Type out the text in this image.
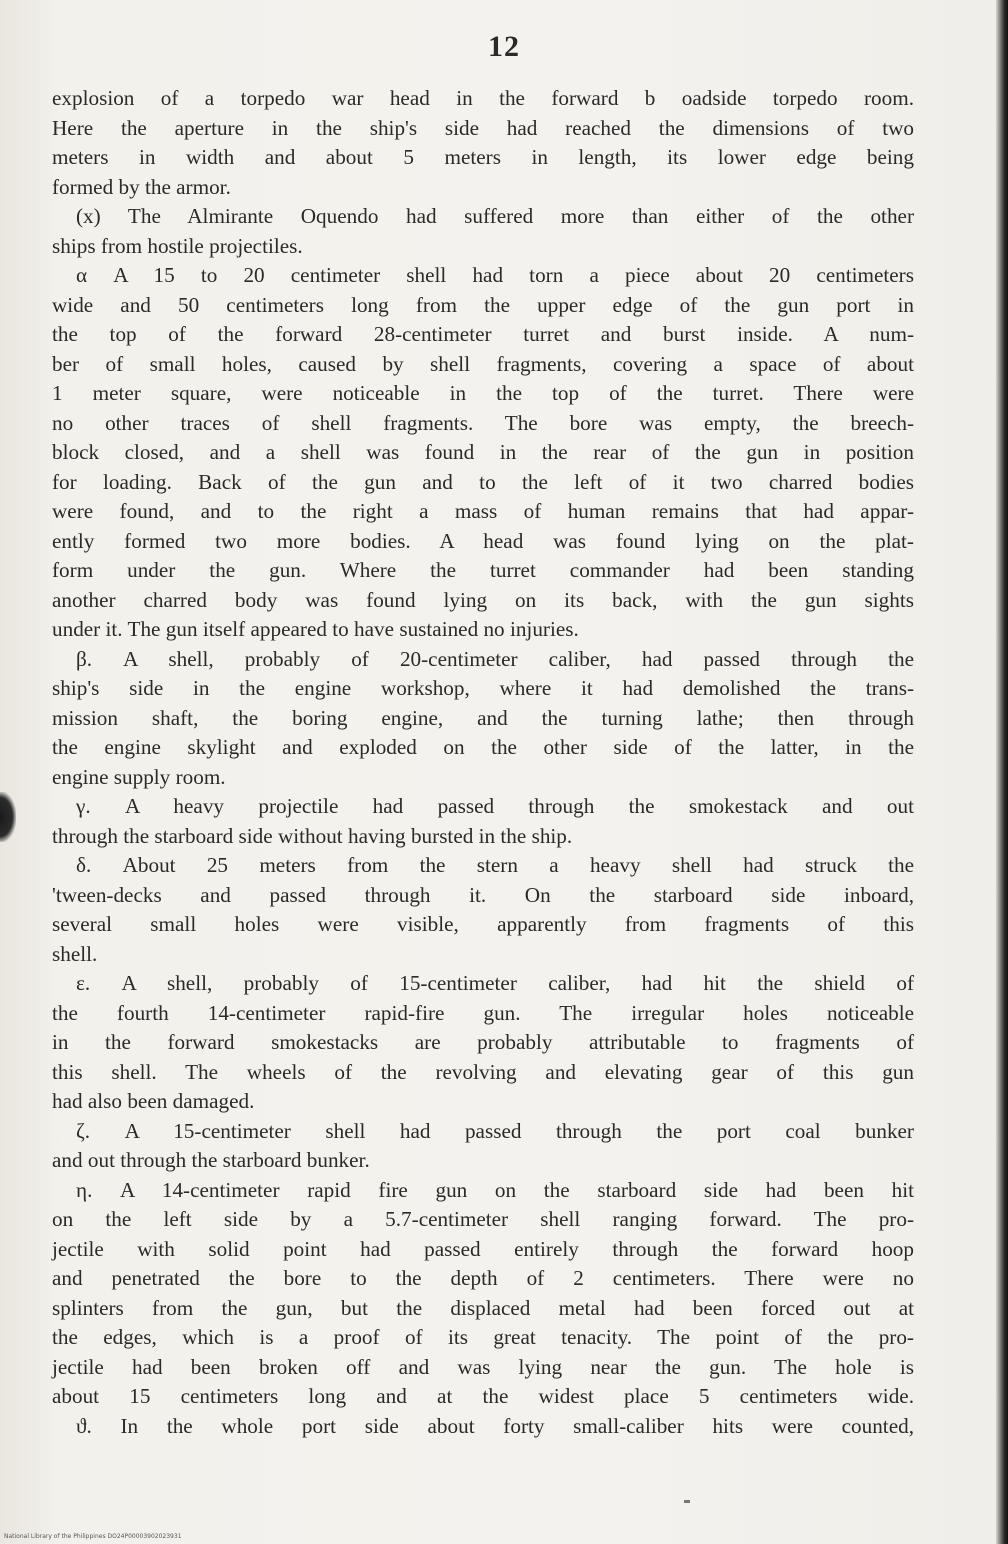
12
explosion of a torpedo war head in the forward b oadside torpedo room.
Here the aperture in the ship's side had reached the dimensions of two
meters in width and about 5 meters in length, its lower edge being
formed by the armor.
(x) The Almirante Oquendo had suffered more than either of the other
ships from hostile projectiles.
α A 15 to 20 centimeter shell had torn a piece about 20 centimeters
wide and 50 centimeters long from the upper edge of the gun port in
the top of the forward 28-centimeter turret and burst inside. A num-
ber of small holes, caused by shell fragments, covering a space of about
1 meter square, were noticeable in the top of the turret. There were
no other traces of shell fragments. The bore was empty, the breech-
block closed, and a shell was found in the rear of the gun in position
for loading. Back of the gun and to the left of it two charred bodies
were found, and to the right a mass of human remains that had appar-
ently formed two more bodies. A head was found lying on the plat-
form under the gun. Where the turret commander had been standing
another charred body was found lying on its back, with the gun sights
under it. The gun itself appeared to have sustained no injuries.
β. A shell, probably of 20-centimeter caliber, had passed through the
ship's side in the engine workshop, where it had demolished the trans-
mission shaft, the boring engine, and the turning lathe; then through
the engine skylight and exploded on the other side of the latter, in the
engine supply room.
γ. A heavy projectile had passed through the smokestack and out
through the starboard side without having bursted in the ship.
δ. About 25 meters from the stern a heavy shell had struck the
'tween-decks and passed through it. On the starboard side inboard,
several small holes were visible, apparently from fragments of this
shell.
ε. A shell, probably of 15-centimeter caliber, had hit the shield of
the fourth 14-centimeter rapid-fire gun. The irregular holes noticeable
in the forward smokestacks are probably attributable to fragments of
this shell. The wheels of the revolving and elevating gear of this gun
had also been damaged.
ζ. A 15-centimeter shell had passed through the port coal bunker
and out through the starboard bunker.
η. A 14-centimeter rapid fire gun on the starboard side had been hit
on the left side by a 5.7-centimeter shell ranging forward. The pro-
jectile with solid point had passed entirely through the forward hoop
and penetrated the bore to the depth of 2 centimeters. There were no
splinters from the gun, but the displaced metal had been forced out at
the edges, which is a proof of its great tenacity. The point of the pro-
jectile had been broken off and was lying near the gun. The hole is
about 15 centimeters long and at the widest place 5 centimeters wide.
ϑ. In the whole port side about forty small-caliber hits were counted,
National Library of the Philippines DO24P00003902023931
